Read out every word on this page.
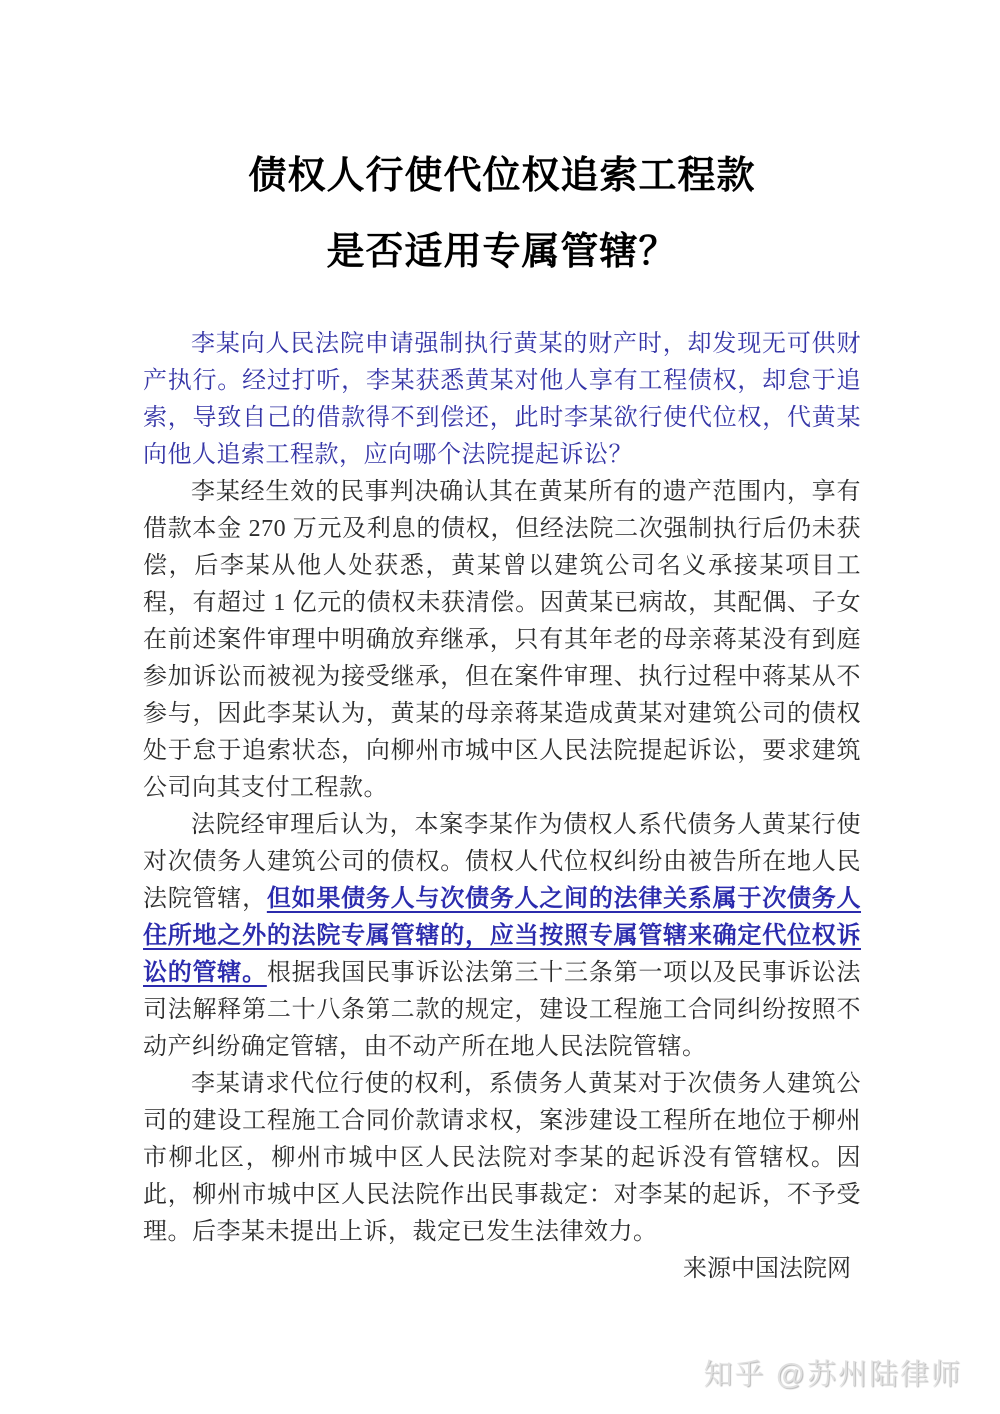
债权人行使代位权追索工程款
是否适用专属管辖？

李某向人民法院申请强制执行黄某的财产时，却发现无可供财产执行。经过打听，李某获悉黄某对他人享有工程债权，却怠于追索，导致自己的借款得不到偿还，此时李某欲行使代位权，代黄某向他人追索工程款，应向哪个法院提起诉讼？

李某经生效的民事判决确认其在黄某所有的遗产范围内，享有借款本金 270 万元及利息的债权，但经法院二次强制执行后仍未获偿，后李某从他人处获悉，黄某曾以建筑公司名义承接某项目工程，有超过 1 亿元的债权未获清偿。因黄某已病故，其配偶、子女在前述案件审理中明确放弃继承，只有其年老的母亲蒋某没有到庭参加诉讼而被视为接受继承，但在案件审理、执行过程中蒋某从不参与，因此李某认为，黄某的母亲蒋某造成黄某对建筑公司的债权处于怠于追索状态，向柳州市城中区人民法院提起诉讼，要求建筑公司向其支付工程款。

法院经审理后认为，本案李某作为债权人系代债务人黄某行使对次债务人建筑公司的债权。债权人代位权纠纷由被告所在地人民法院管辖，但如果债务人与次债务人之间的法律关系属于次债务人住所地之外的法院专属管辖的，应当按照专属管辖来确定代位权诉讼的管辖。根据我国民事诉讼法第三十三条第一项以及民事诉讼法司法解释第二十八条第二款的规定，建设工程施工合同纠纷按照不动产纠纷确定管辖，由不动产所在地人民法院管辖。

李某请求代位行使的权利，系债务人黄某对于次债务人建筑公司的建设工程施工合同价款请求权，案涉建设工程所在地位于柳州市柳北区，柳州市城中区人民法院对李某的起诉没有管辖权。因此，柳州市城中区人民法院作出民事裁定：对李某的起诉，不予受理。后李某未提出上诉，裁定已发生法律效力。

来源中国法院网

知乎 @苏州陆律师
